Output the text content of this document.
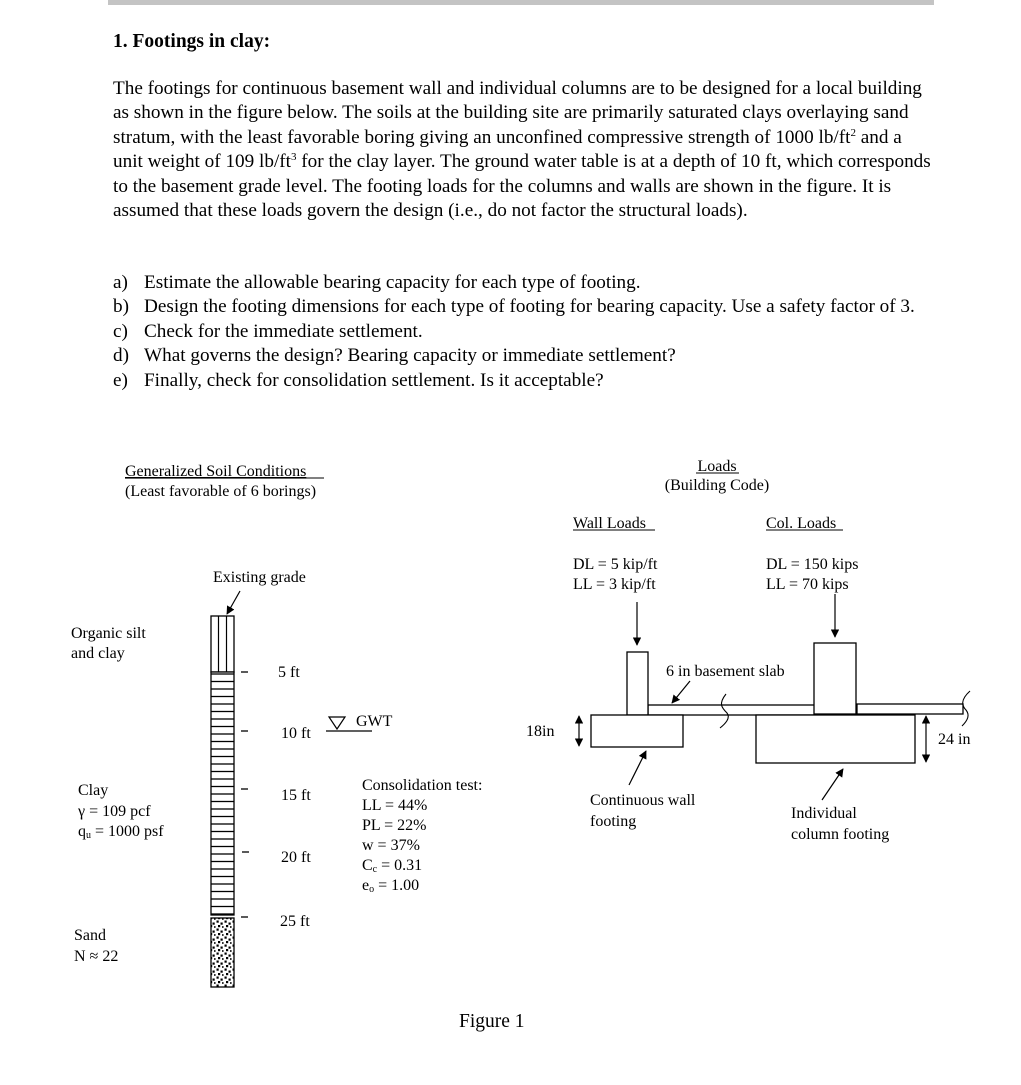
1. Footings in clay:

The footings for continuous basement wall and individual columns are to be designed for a local building as shown in the figure below. The soils at the building site are primarily saturated clays overlaying sand stratum, with the least favorable boring giving an unconfined compressive strength of 1000 $lb/ft^2$ and a unit weight of 109 $lb/ft^3$ for the clay layer. The ground water table is at a depth of 10 ft, which corresponds to the basement grade level. The footing loads for the columns and walls are shown in the figure. It is assumed that these loads govern the design (i.e., do not factor the structural loads).

a) Estimate the allowable bearing capacity for each type of footing.
b) Design the footing dimensions for each type of footing for bearing capacity. Use a safety factor of 3.
c) Check for the immediate settlement.
d) What governs the design? Bearing capacity or immediate settlement?
e) Finally, check for consolidation settlement. Is it acceptable?
Generalized Soil Conditions
(Least favorable of 6 borings)
Existing grade
Organic silt
and clay
Clay
γ = 109 pcf
qu = 1000 psf
Sand
N ≈ 22
5 ft
10 ft
15 ft
20 ft
25 ft
GWT
Consolidation test:
LL = 44%
PL = 22%
w = 37%
Cc = 0.31
eo = 1.00
Loads
(Building Code)
Wall Loads
DL = 5 kip/ft
LL = 3 kip/ft
Col. Loads
DL = 150 kips
LL = 70 kips
6 in basement slab
18in	24 in
Continuous wall
footing	Individual
column footing
Figure 1
